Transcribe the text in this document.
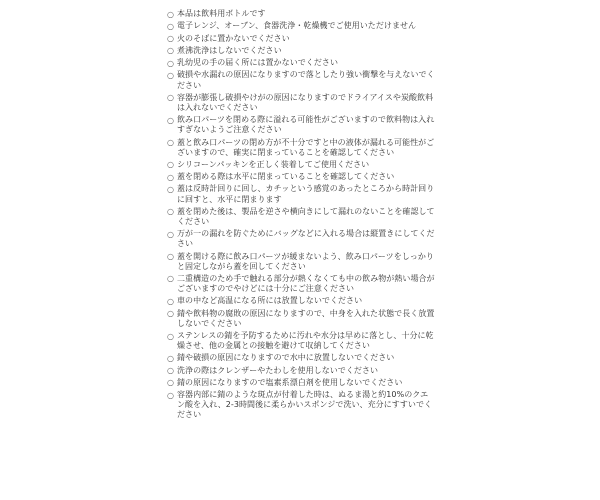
○ 本品は飲料用ボトルです
○ 電子レンジ、オーブン、食器洗浄・乾燥機でご使用いただけません
○ 火のそばに置かないでください
○ 煮沸洗浄はしないでください
○ 乳幼児の手の届く所には置かないでください
○ 破損や水漏れの原因になりますので落としたり強い衝撃を与えないでください
○ 容器が膨張し破損やけがの原因になりますのでドライアイスや炭酸飲料は入れないでください
○ 飲み口パーツを閉める際に溢れる可能性がございますので飲料物は入れすぎないようご注意ください
○ 蓋と飲み口パーツの閉め方が不十分ですと中の液体が漏れる可能性がございますので、確実に閉まっていることを確認してください
○ シリコーンパッキンを正しく装着してご使用ください
○ 蓋を閉める際は水平に閉まっていることを確認してください
○ 蓋は反時計回りに回し、カチッという感覚のあったところから時計回りに回すと、水平に閉まります
○ 蓋を閉めた後は、製品を逆さや横向きにして漏れのないことを確認してください
○ 万が一の漏れを防ぐためにバッグなどに入れる場合は縦置きにしてください
○ 蓋を開ける際に飲み口パーツが緩まないよう、飲み口パーツをしっかりと固定しながら蓋を回してください
○ 二重構造のため手で触れる部分が熱くなくても中の飲み物が熱い場合がございますのでやけどには十分にご注意ください
○ 車の中など高温になる所には放置しないでください
○ 錆や飲料物の腐敗の原因になりますので、中身を入れた状態で長く放置しないでください
○ ステンレスの錆を予防するために汚れや水分は早めに落とし、十分に乾燥させ、他の金属との接触を避けて収納してください
○ 錆や破損の原因になりますので水中に放置しないでください
○ 洗浄の際はクレンザーやたわしを使用しないでください
○ 錆の原因になりますので塩素系漂白剤を使用しないでください
○ 容器内部に錆のような斑点が付着した時は、ぬるま湯と約10%のクエン酸を入れ、2-3時間後に柔らかいスポンジで洗い、充分にすすいでください
